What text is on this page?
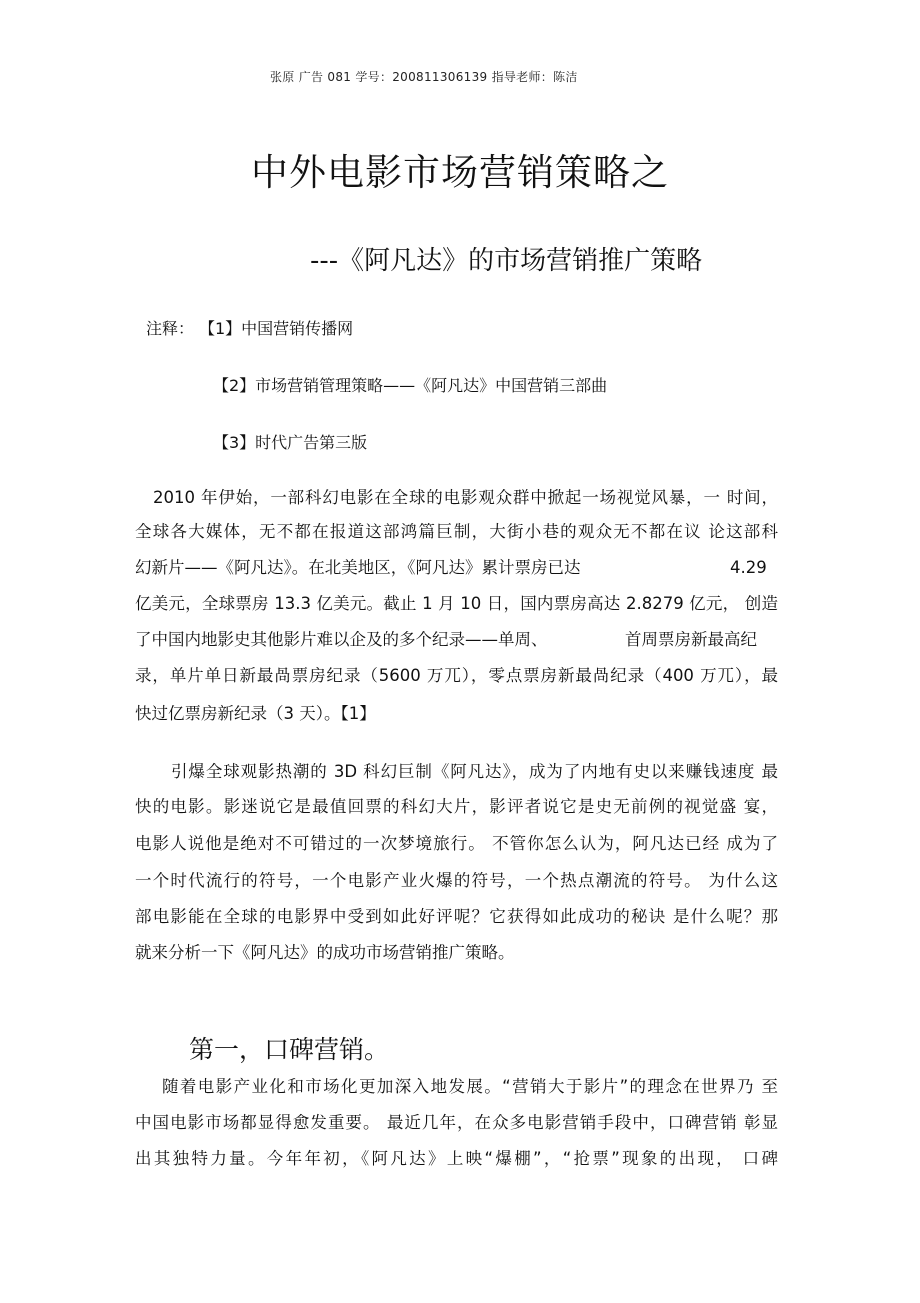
张原 广告 081 学号：200811306139 指导老师：陈洁
中外电影市场营销策略之
---《阿凡达》的市场营销推广策略
注释： 【1】中国营销传播网
【2】市场营销管理策略——《阿凡达》中国营销三部曲
【3】时代广告第三版
2010 年伊始，一部科幻电影在全球的电影观众群中掀起一场视觉风暴，一 时间，
全球各大媒体，无不都在报道这部鸿篇巨制，大街小巷的观众无不都在议 论这部科
幻新片——《阿凡达》。在北美地区，《阿凡达》累计票房已达	4.29
亿美元，全球票房 13.3 亿美元。截止 1 月 10 日，国内票房高达 2.8279 亿元， 创造
了中国内地影史其他影片难以企及的多个纪录——单周、	首周票房新最高纪
录，单片单日新最咼票房纪录（5600 万兀），零点票房新最咼纪录（400 万兀），最
快过亿票房新纪录（3 天）。【1】
引爆全球观影热潮的 3D 科幻巨制《阿凡达》，成为了内地有史以来赚钱速度 最
快的电影。影迷说它是最值回票的科幻大片，影评者说它是史无前例的视觉盛 宴，
电影人说他是绝对不可错过的一次梦境旅行。 不管你怎么认为，阿凡达已经 成为了
一个时代流行的符号，一个电影产业火爆的符号，一个热点潮流的符号。 为什么这
部电影能在全球的电影界中受到如此好评呢？它获得如此成功的秘诀 是什么呢？那
就来分析一下《阿凡达》的成功市场营销推广策略。
第一，口碑营销。
随着电影产业化和市场化更加深入地发展。“营销大于影片”的理念在世界乃 至
中国电影市场都显得愈发重要。 最近几年，在众多电影营销手段中，口碑营销 彰显
出其独特力量。今年年初，《阿凡达》上映“爆棚”，“抢票”现象的出现， 口碑
